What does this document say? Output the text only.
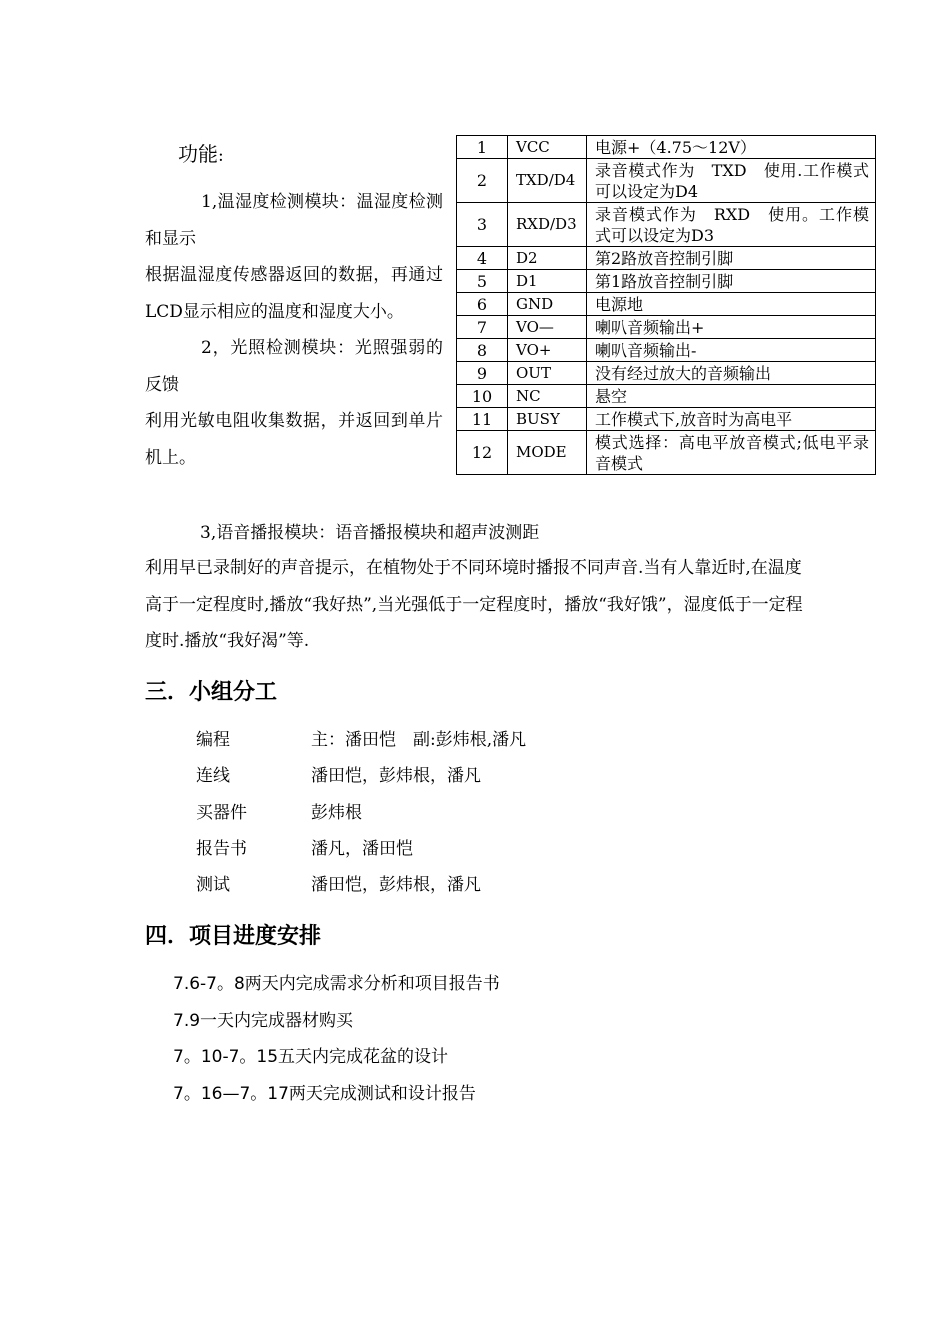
功能:

1,温湿度检测模块：温湿度检测和显示

根据温湿度传感器返回的数据，再通过LCD显示相应的温度和湿度大小。

2，光照检测模块：光照强弱的反馈

利用光敏电阻收集数据，并返回到单片机上。

3,语音播报模块：语音播报模块和超声波测距
利用早已录制好的声音提示，在植物处于不同环境时播报不同声音.当有人靠近时,在温度高于一定程度时,播放“我好热”,当光强低于一定程度时，播放“我好饿”，湿度低于一定程度时.播放“我好渴”等.
1	VCC	电源+（4.75～12V）
2	TXD/D4	录音模式作为　TXD　使用.工作模式可以设定为D4
3	RXD/D3	录音模式作为　RXD　使用。工作模式可以设定为D3
4	D2	第2路放音控制引脚
5	D1	第1路放音控制引脚
6	GND	电源地
7	VO—	喇叭音频输出+
8	VO+	喇叭音频输出-
9	OUT	没有经过放大的音频输出
10	NC	悬空
11	BUSY	工作模式下,放音时为高电平
12	MODE	模式选择：高电平放音模式;低电平录音模式
三．小组分工
编程	主：潘田恺　副:彭炜根,潘凡
连线	潘田恺，彭炜根，潘凡
买器件	彭炜根
报告书	潘凡，潘田恺
测试	潘田恺，彭炜根，潘凡
四．项目进度安排
7.6-7。8两天内完成需求分析和项目报告书
7.9一天内完成器材购买
7。10-7。15五天内完成花盆的设计
7。16—7。17两天完成测试和设计报告
